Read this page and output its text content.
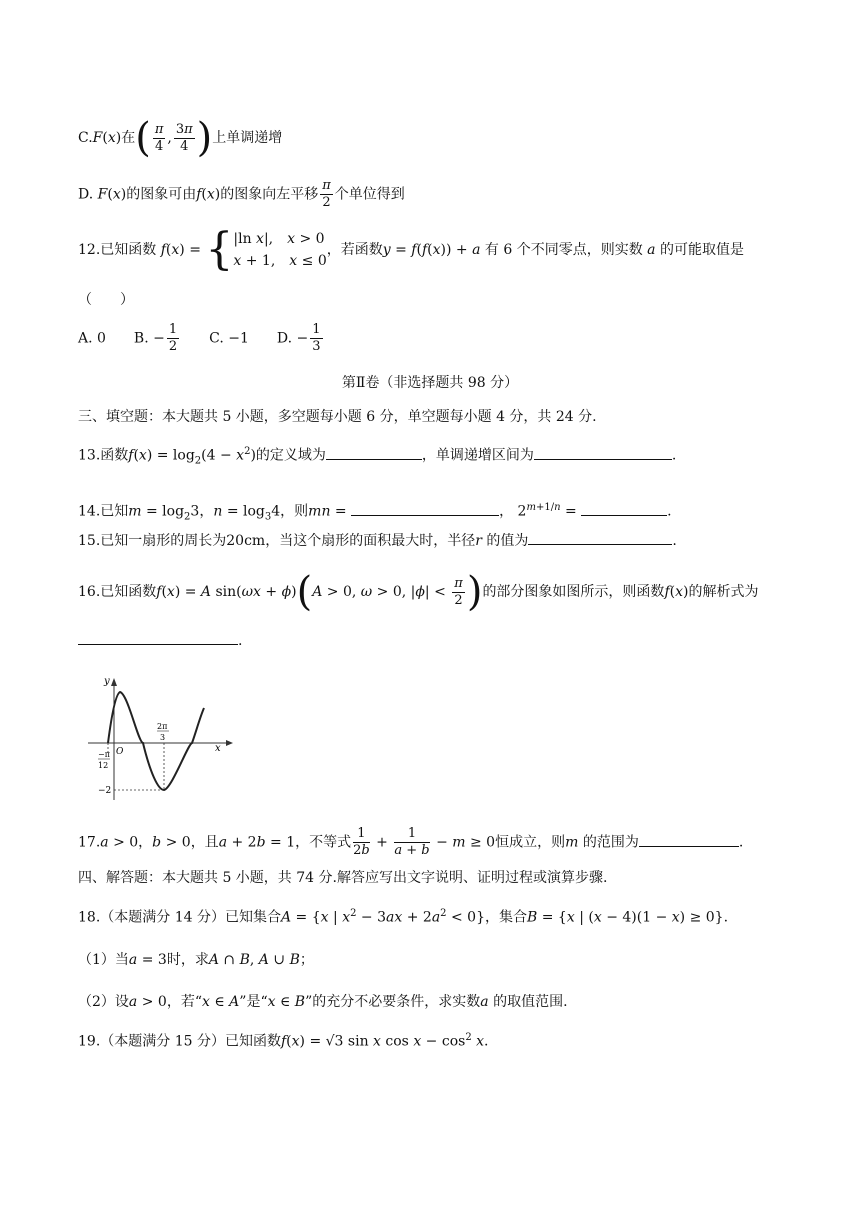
C.F(x)在( $\frac{\pi}{4}$ , $\frac{3\pi}{4}$ )上单调递增
D. F(x)的图象可由f(x)的图象向左平移 $\frac{\pi}{2}$ 个单位得到
12.已知函数 f(x) = { |ln x|,　x > 0
x + 1,　x ≤ 0
，若函数y = f(f(x)) + a 有 6 个不同零点，则实数 a 的可能取值是
（　　）
A. 0　　B. − $\frac{1}{2}$ 　　C. −1　　D. − $\frac{1}{3}$
第Ⅱ卷（非选择题共 98 分）
三、填空题：本大题共 5 小题，多空题每小题 6 分，单空题每小题 4 分，共 24 分.
13.函数$f(x) = \log_2(4 - x^2)$的定义域为	，单调递增区间为	.
14.已知$m = \log_23$，$n = \log_34$，则mn =	， $2^{m+1/n}$ =	.
15.已知一扇形的周长为20cm，当这个扇形的面积最大时，半径r 的值为	.
16.已知函数f(x) = A sin(ωx + ϕ)(A > 0, ω > 0, $|\phi| < \frac{\pi}{2}$ )的部分图象如图所示，则函数f(x)的解析式为
.
y
x
O
−π
12
2π
3
−2
17.a > 0，b > 0，且a + 2b = 1，不等式 $\frac{1}{2b} + \frac{1}{a + b} - m \ge 0$恒成立，则m 的范围为	.
四、解答题：本大题共 5 小题，共 74 分.解答应写出文字说明、证明过程或演算步骤.
18.（本题满分 14 分）已知集合A = {x | $x^2 - 3ax + 2a^2 < 0$}，集合B = {x | (x − 4)(1 − x) ≥ 0}.
（1）当a = 3时，求A ∩ B, A ∪ B；
（2）设a > 0，若“x ∈ A”是“x ∈ B”的充分不必要条件，求实数a 的取值范围.
19.（本题满分 15 分）已知函数f(x) = √3 sin x $\cos x - \cos^2 x$.
